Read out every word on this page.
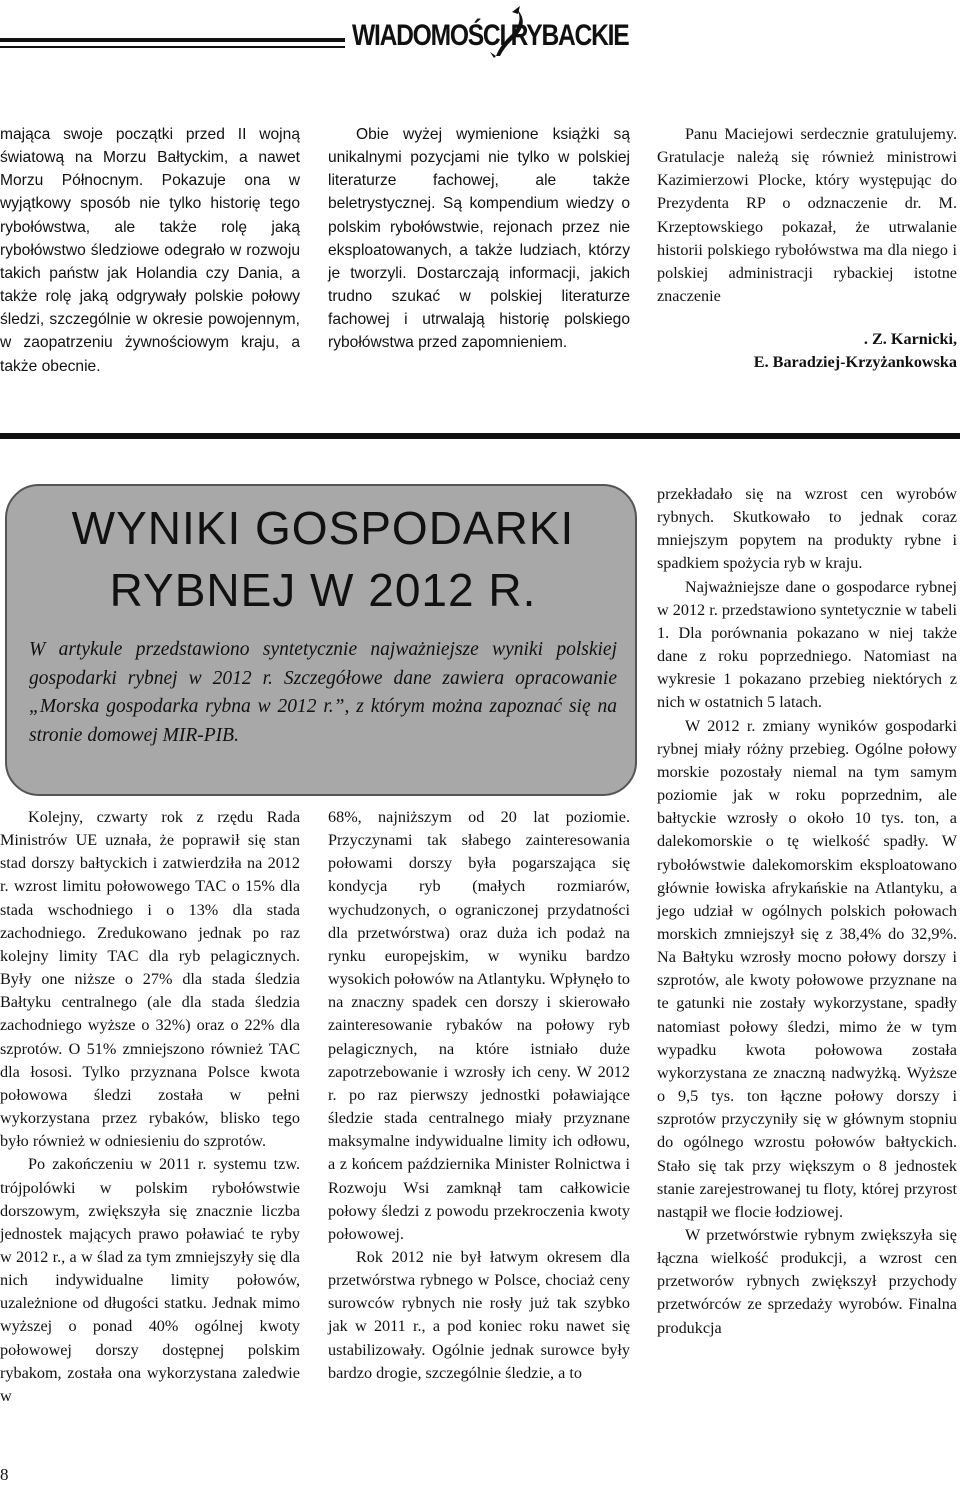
WIADOMOŚCI RYBACKIE

mająca swoje początki przed II wojną światową na Morzu Bałtyckim, a nawet Morzu Północnym. Pokazuje ona w wyjątkowy sposób nie tylko historię tego rybołówstwa, ale także rolę jaką rybołówstwo śledziowe odegrało w rozwoju takich państw jak Holandia czy Dania, a także rolę jaką odgrywały polskie połowy śledzi, szczególnie w okresie powojennym, w zaopatrzeniu żywnościowym kraju, a także obecnie.

Obie wyżej wymienione książki są unikalnymi pozycjami nie tylko w polskiej literaturze fachowej, ale także beletrystycznej. Są kompendium wiedzy o polskim rybołówstwie, rejonach przez nie eksploatowanych, a także ludziach, którzy je tworzyli. Dostarczają informacji, jakich trudno szukać w polskiej literaturze fachowej i utrwalają historię polskiego rybołówstwa przed zapomnieniem.

Panu Maciejowi serdecznie gratulujemy. Gratulacje należą się również ministrowi Kazimierzowi Plocke, który występując do Prezydenta RP o odznaczenie dr. M. Krzeptowskiego pokazał, że utrwalanie historii polskiego rybołówstwa ma dla niego i polskiej administracji rybackiej istotne znaczenie

. Z. Karnicki,
E. Baradziej-Krzyżankowska
WYNIKI GOSPODARKI
RYBNEJ W 2012 R.
W artykule przedstawiono syntetycznie najważniejsze wyniki polskiej gospodarki rybnej w 2012 r. Szczegółowe dane zawiera opracowanie „Morska gospodarka rybna w 2012 r.”, z którym można zapoznać się na stronie domowej MIR-PIB.

Kolejny, czwarty rok z rzędu Rada Ministrów UE uznała, że poprawił się stan stad dorszy bałtyckich i zatwierdziła na 2012 r. wzrost limitu połowowego TAC o 15% dla stada wschodniego i o 13% dla stada zachodniego. Zredukowano jednak po raz kolejny limity TAC dla ryb pelagicznych. Były one niższe o 27% dla stada śledzia Bałtyku centralnego (ale dla stada śledzia zachodniego wyższe o 32%) oraz o 22% dla szprotów. O 51% zmniejszono również TAC dla łososi. Tylko przyznana Polsce kwota połowowa śledzi została w pełni wykorzystana przez rybaków, blisko tego było również w odniesieniu do szprotów.

Po zakończeniu w 2011 r. systemu tzw. trójpolówki w polskim rybołówstwie dorszowym, zwiększyła się znacznie liczba jednostek mających prawo poławiać te ryby w 2012 r., a w ślad za tym zmniejszyły się dla nich indywidualne limity połowów, uzależnione od długości statku. Jednak mimo wyższej o ponad 40% ogólnej kwoty połowowej dorszy dostępnej polskim rybakom, została ona wykorzystana zaledwie w

68%, najniższym od 20 lat poziomie. Przyczynami tak słabego zainteresowania połowami dorszy była pogarszająca się kondycja ryb (małych rozmiarów, wychudzonych, o ograniczonej przydatności dla przetwórstwa) oraz duża ich podaż na rynku europejskim, w wyniku bardzo wysokich połowów na Atlantyku. Wpłynęło to na znaczny spadek cen dorszy i skierowało zainteresowanie rybaków na połowy ryb pelagicznych, na które istniało duże zapotrzebowanie i wzrosły ich ceny. W 2012 r. po raz pierwszy jednostki poławiające śledzie stada centralnego miały przyznane maksymalne indywidualne limity ich odłowu, a z końcem października Minister Rolnictwa i Rozwoju Wsi zamknął tam całkowicie połowy śledzi z powodu przekroczenia kwoty połowowej.

Rok 2012 nie był łatwym okresem dla przetwórstwa rybnego w Polsce, chociaż ceny surowców rybnych nie rosły już tak szybko jak w 2011 r., a pod koniec roku nawet się ustabilizowały. Ogólnie jednak surowce były bardzo drogie, szczególnie śledzie, a to

przekładało się na wzrost cen wyrobów rybnych. Skutkowało to jednak coraz mniejszym popytem na produkty rybne i spadkiem spożycia ryb w kraju.

Najważniejsze dane o gospodarce rybnej w 2012 r. przedstawiono syntetycznie w tabeli 1. Dla porównania pokazano w niej także dane z roku poprzedniego. Natomiast na wykresie 1 pokazano przebieg niektórych z nich w ostatnich 5 latach.

W 2012 r. zmiany wyników gospodarki rybnej miały różny przebieg. Ogólne połowy morskie pozostały niemal na tym samym poziomie jak w roku poprzednim, ale bałtyckie wzrosły o około 10 tys. ton, a dalekomorskie o tę wielkość spadły. W rybołówstwie dalekomorskim eksploatowano głównie łowiska afrykańskie na Atlantyku, a jego udział w ogólnych polskich połowach morskich zmniejszył się z 38,4% do 32,9%. Na Bałtyku wzrosły mocno połowy dorszy i szprotów, ale kwoty połowowe przyznane na te gatunki nie zostały wykorzystane, spadły natomiast połowy śledzi, mimo że w tym wypadku kwota połowowa została wykorzystana ze znaczną nadwyżką. Wyższe o 9,5 tys. ton łączne połowy dorszy i szprotów przyczyniły się w głównym stopniu do ogólnego wzrostu połowów bałtyckich. Stało się tak przy większym o 8 jednostek stanie zarejestrowanej tu floty, której przyrost nastąpił we flocie łodziowej.

W przetwórstwie rybnym zwiększyła się łączna wielkość produkcji, a wzrost cen przetworów rybnych zwiększył przychody przetwórców ze sprzedaży wyrobów. Finalna produkcja

8
